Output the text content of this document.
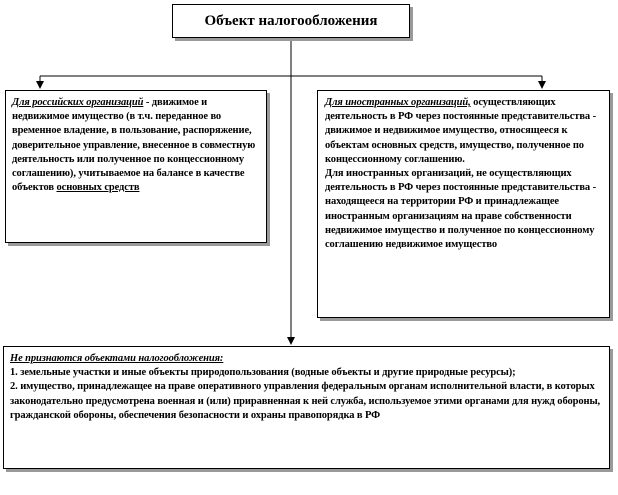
Объект налогообложения
Для российских организаций - движимое и недвижимое имущество (в т.ч. переданное во временное владение, в пользование, распоряжение, доверительное управление, внесенное в совместную деятельность или полученное по концессионному соглашению), учитываемое на балансе в качестве объектов основных средств

Для иностранных организаций, осуществляющих деятельность в РФ через постоянные представительства - движимое и недвижимое имущество, относящееся к объектам основных средств, имущество, полученное по концессионному соглашению.

Для иностранных организаций, не осуществляющих деятельность в РФ через постоянные представительства - находящееся на территории РФ и принадлежащее иностранным организациям на праве собственности недвижимое имущество и полученное по концессионному соглашению недвижимое имущество

Не признаются объектами налогообложения:

1. земельные участки и иные объекты природопользования (водные объекты и другие природные ресурсы);

2. имущество, принадлежащее на праве оперативного управления федеральным органам исполнительной власти, в которых законодательно предусмотрена военная и (или) приравненная к ней служба, используемое этими органами для нужд обороны, гражданской обороны, обеспечения безопасности и охраны правопорядка в РФ
